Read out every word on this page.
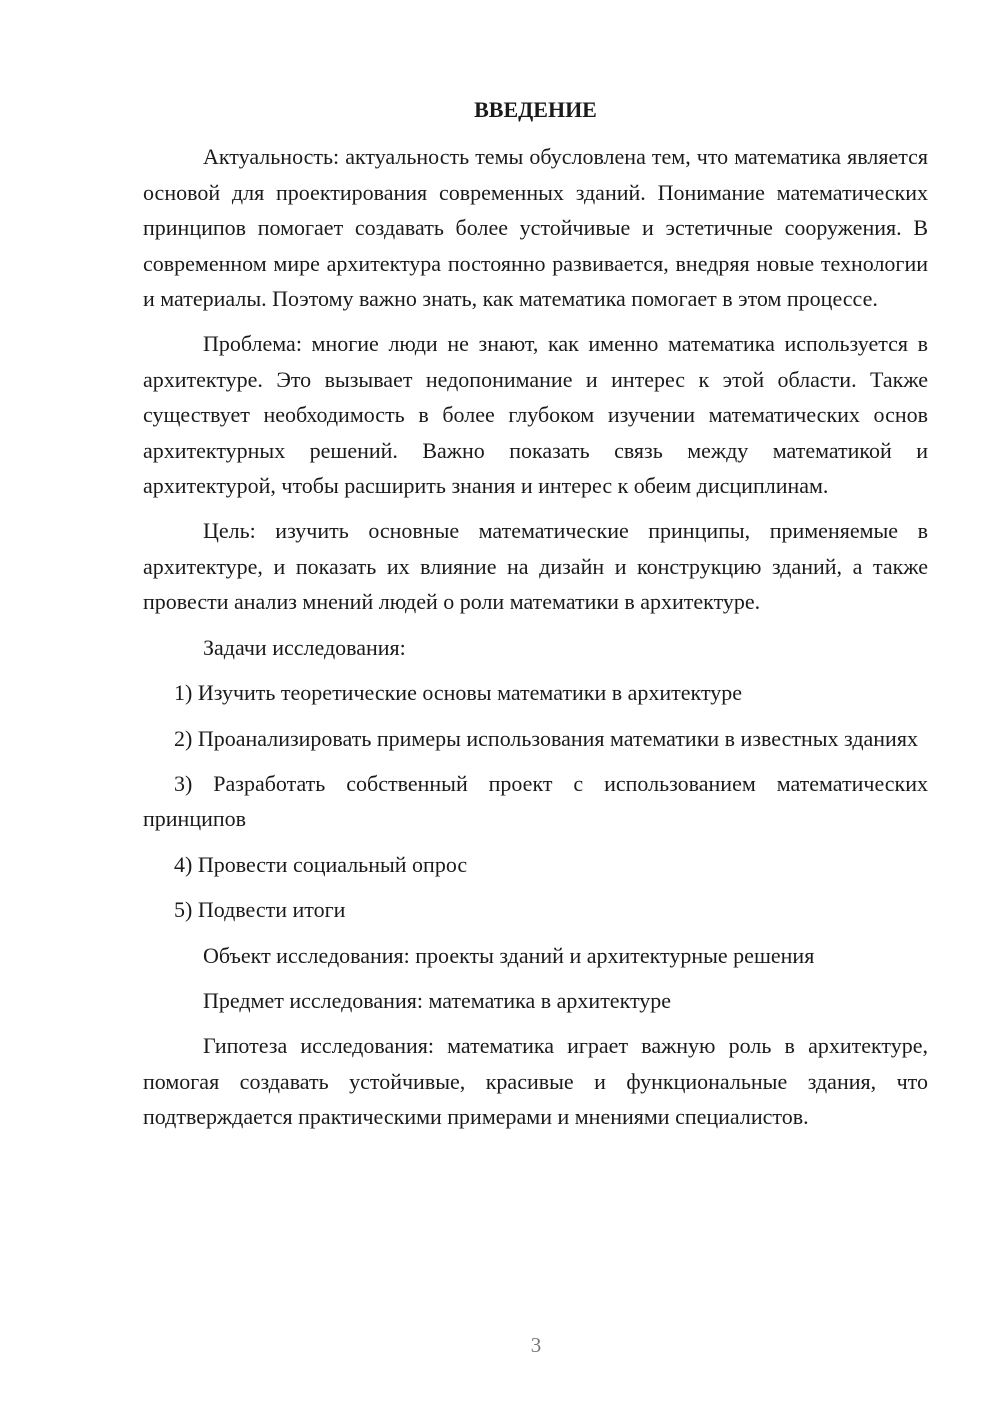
ВВЕДЕНИЕ

Актуальность: актуальность темы обусловлена тем, что математика является основой для проектирования современных зданий. Понимание математических принципов помогает создавать более устойчивые и эстетичные сооружения. В современном мире архитектура постоянно развивается, внедряя новые технологии и материалы. Поэтому важно знать, как математика помогает в этом процессе.

Проблема: многие люди не знают, как именно математика используется в архитектуре. Это вызывает недопонимание и интерес к этой области. Также существует необходимость в более глубоком изучении математических основ архитектурных решений. Важно показать связь между математикой и архитектурой, чтобы расширить знания и интерес к обеим дисциплинам.

Цель: изучить основные математические принципы, применяемые в архитектуре, и показать их влияние на дизайн и конструкцию зданий, а также провести анализ мнений людей о роли математики в архитектуре.

Задачи исследования:

1) Изучить теоретические основы математики в архитектуре

2) Проанализировать примеры использования математики в известных зданиях

3) Разработать собственный проект с использованием математических принципов

4) Провести социальный опрос

5) Подвести итоги

Объект исследования: проекты зданий и архитектурные решения

Предмет исследования: математика в архитектуре

Гипотеза исследования: математика играет важную роль в архитектуре, помогая создавать устойчивые, красивые и функциональные здания, что подтверждается практическими примерами и мнениями специалистов.

3
